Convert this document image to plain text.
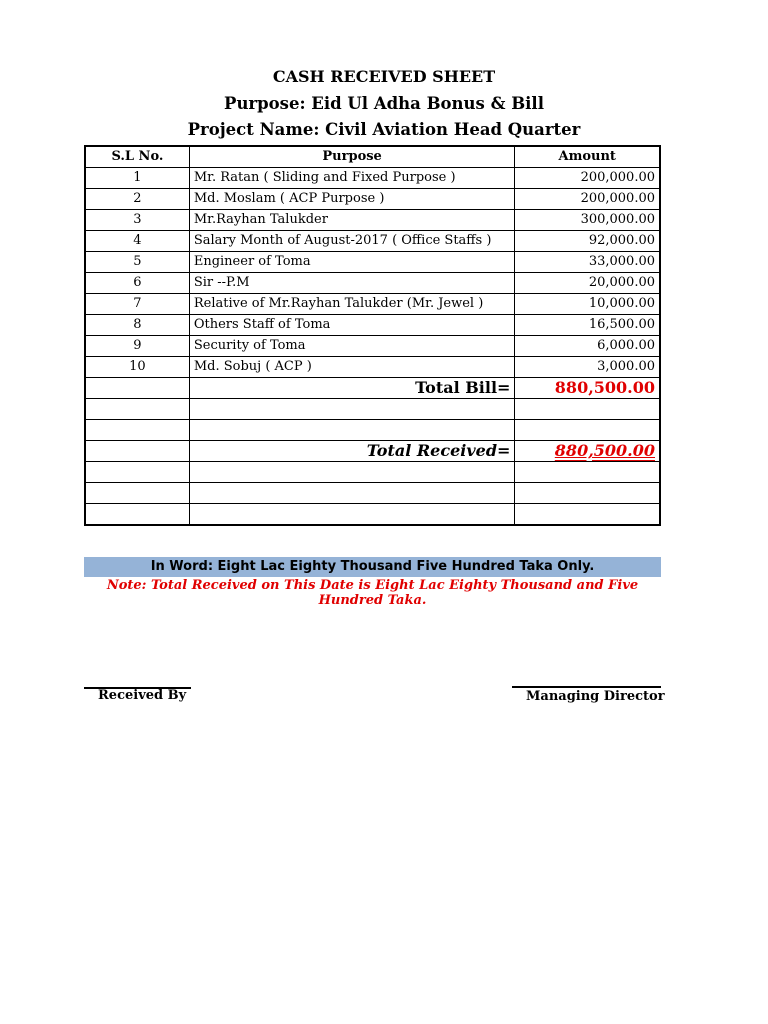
CASH RECEIVED SHEET
Purpose: Eid Ul Adha Bonus & Bill
Project Name: Civil Aviation Head Quarter
S.L No.	Purpose	Amount
1	Mr. Ratan ( Sliding and Fixed Purpose )	200,000.00
2	Md. Moslam ( ACP Purpose )	200,000.00
3	Mr.Rayhan Talukder	300,000.00
4	Salary Month of August-2017 ( Office Staffs )	92,000.00
5	Engineer of Toma	33,000.00
6	Sir --P.M	20,000.00
7	Relative of Mr.Rayhan Talukder (Mr. Jewel )	10,000.00
8	Others Staff of Toma	16,500.00
9	Security of Toma	6,000.00
10	Md. Sobuj ( ACP )	3,000.00
	Total Bill=	880,500.00

	Total Received=	880,500.00

In Word: Eight Lac Eighty Thousand Five Hundred Taka Only.
Note: Total Received on This Date is Eight Lac Eighty Thousand and Five Hundred Taka.
Received By	Managing Director
